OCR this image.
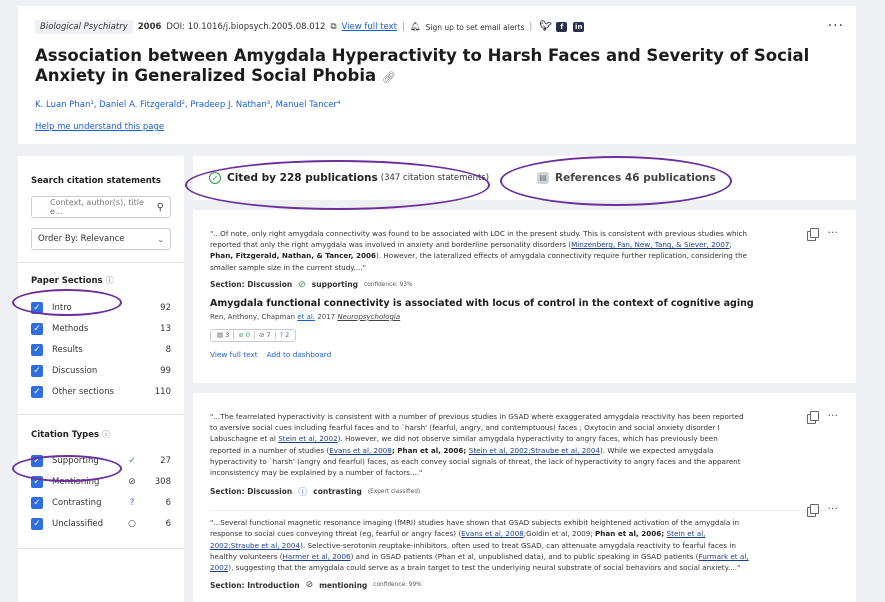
Biological Psychiatry	2006 DOI: 10.1016/j.biopsych.2005.08.012 ⧉ View full text | 🔔︎ Sign up to set email alerts | 🐦︎	f	in	···
Association between Amygdala Hyperactivity to Harsh Faces and Severity of Social Anxiety in Generalized Social Phobia 🔗︎
K. Luan Phan¹, Daniel A. Fitzgerald², Pradeep J. Nathan³, Manuel Tancer⁴
Help me understand this page
Search citation statements
Context, author(s), title e...	⚲
Order By: Relevance	⌄
Paper Sections ⓘ
✓ Intro	92
✓ Methods	13
✓ Results	8
✓ Discussion	99
✓ Other sections	110
Citation Types ⓘ
✓ Supporting	✓	27
✓ Mentioning	⊘	308
✓ Contrasting	?	6
✓ Unclassified	○	6
✓ Cited by 228 publications (347 citation statements)	▤ References 46 publications
···
"...Of note, only right amygdala connectivity was found to be associated with LOC in the present study. This is consistent with previous studies which reported that only the right amygdala was involved in anxiety and borderline personality disorders (Minzenberg, Fan, New, Tang, & Siever, 2007; Phan, Fitzgerald, Nathan, & Tancer, 2006). However, the lateralized effects of amygdala connectivity require further replication, considering the smaller sample size in the current study...."
Section: Discussion ⊘ supporting confidence: 93%
Amygdala functional connectivity is associated with locus of control in the context of cognitive aging
Ren, Anthony, Chapman et al. 2017 Neuropsychologia
▤ 3	⊘ 0	⊘ 7	? 2
View full text Add to dashboard
···
"...The fearrelated hyperactivity is consistent with a number of previous studies in GSAD where exaggerated amygdala reactivity has been reported to aversive social cues including fearful faces and to `harsh' (fearful, angry, and contemptuous) faces ; Oxytocin and social anxiety disorder I Labuschagne et al Stein et al, 2002). However, we did not observe similar amygdala hyperactivity to angry faces, which has previously been reported in a number of studies (Evans et al, 2008; Phan et al, 2006; Stein et al, 2002;Straube et al, 2004). While we expected amygdala hyperactivity to `harsh' (angry and fearful) faces, as each convey social signals of threat, the lack of hyperactivity to angry faces and the apparent inconsistency may be explained by a number of factors...."
Section: Discussion ⓘ contrasting (Expert classified)
···
"...Several functional magnetic resonance imaging (fMRI) studies have shown that GSAD subjects exhibit heightened activation of the amygdala in response to social cues conveying threat (eg, fearful or angry faces) (Evans et al, 2008;Goldin et al, 2009; Phan et al, 2006; Stein et al, 2002;Straube et al, 2004). Selective-serotonin reuptake-inhibitors, often used to treat GSAD, can attenuate amygdala reactivity to fearful faces in healthy volunteers (Harmer et al, 2006) and in GSAD patients (Phan et al, unpublished data), and to public speaking in GSAD patients (Furmark et al, 2002), suggesting that the amygdala could serve as a brain target to test the underlying neural substrate of social behaviors and social anxiety...."
Section: Introduction ⊘ mentioning confidence: 99%
